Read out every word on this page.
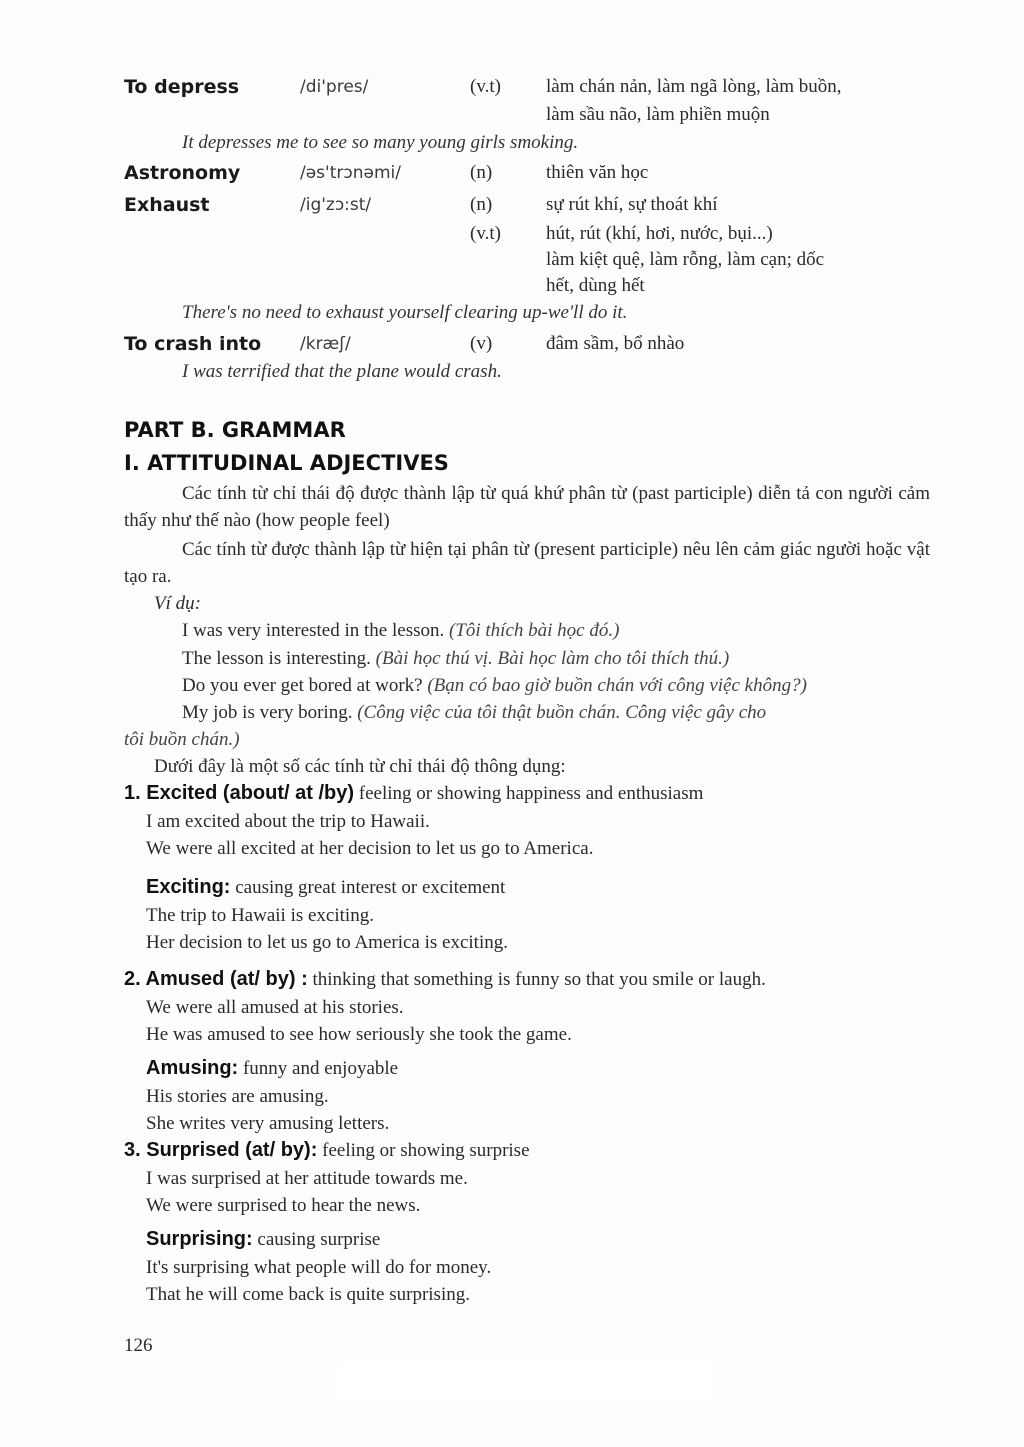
To depress	/di'pres/	(v.t) làm chán nản, làm ngã lòng, làm buồn,
làm sầu não, làm phiền muộn
It depresses me to see so many young girls smoking.
Astronomy	/əs'trɔnəmi/	(n)	thiên văn học
Exhaust	/ig'zɔ:st/	(n)	sự rút khí, sự thoát khí
(v.t) hút, rút (khí, hơi, nước, bụi...)
làm kiệt quệ, làm rỗng, làm cạn; dốc
hết, dùng hết
There's no need to exhaust yourself clearing up-we'll do it.
To crash into /kræʃ/	(v)	đâm sầm, bổ nhào
I was terrified that the plane would crash.
PART B. GRAMMAR
I. ATTITUDINAL ADJECTIVES
Các tính từ chỉ thái độ được thành lập từ quá khứ phân từ (past participle) diễn tả con người cảm thấy như thế nào (how people feel)
Các tính từ được thành lập từ hiện tại phân từ (present participle) nêu lên cảm giác người hoặc vật tạo ra.
Ví dụ:
I was very interested in the lesson. (Tôi thích bài học đó.)
The lesson is interesting. (Bài học thú vị. Bài học làm cho tôi thích thú.)
Do you ever get bored at work? (Bạn có bao giờ buồn chán với công việc không?)
My job is very boring. (Công việc của tôi thật buồn chán. Công việc gây cho
tôi buồn chán.)
Dưới đây là một số các tính từ chỉ thái độ thông dụng:
1. Excited (about/ at /by) feeling or showing happiness and enthusiasm
I am excited about the trip to Hawaii.
We were all excited at her decision to let us go to America.
Exciting: causing great interest or excitement
The trip to Hawaii is exciting.
Her decision to let us go to America is exciting.
2. Amused (at/ by) : thinking that something is funny so that you smile or laugh.
We were all amused at his stories.
He was amused to see how seriously she took the game.
Amusing: funny and enjoyable
His stories are amusing.
She writes very amusing letters.
3. Surprised (at/ by): feeling or showing surprise
I was surprised at her attitude towards me.
We were surprised to hear the news.
Surprising: causing surprise
It's surprising what people will do for money.
That he will come back is quite surprising.
126
